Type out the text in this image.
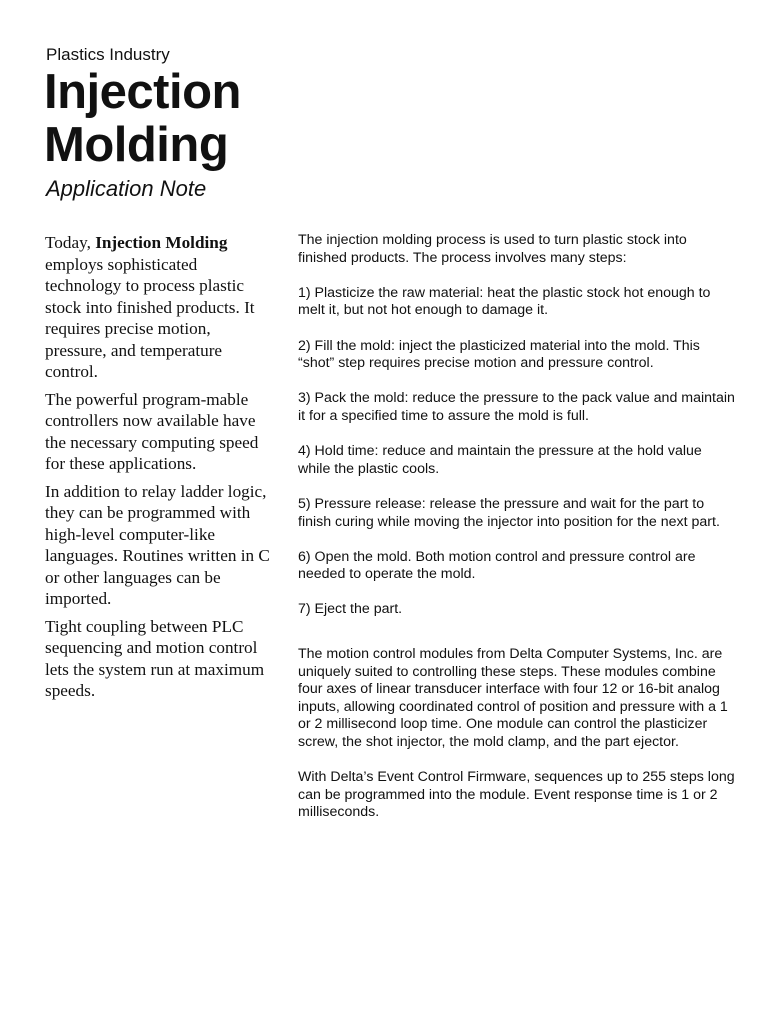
Plastics Industry

Injection
Molding

Application Note

Today, Injection Molding employs sophisticated technology to process plastic stock into finished products. It requires precise motion, pressure, and temperature control.

The powerful program-mable controllers now available have the necessary computing speed for these applications.

In addition to relay ladder logic, they can be programmed with high-level computer-like languages. Routines written in C or other languages can be imported.

Tight coupling between PLC sequencing and motion control lets the system run at maximum speeds.

The injection molding process is used to turn plastic stock into finished products. The process involves many steps:

1) Plasticize the raw material: heat the plastic stock hot enough to melt it, but not hot enough to damage it.

2) Fill the mold: inject the plasticized material into the mold. This “shot” step requires precise motion and pressure control.

3) Pack the mold: reduce the pressure to the pack value and maintain it for a specified time to assure the mold is full.

4) Hold time: reduce and maintain the pressure at the hold value while the plastic cools.

5) Pressure release: release the pressure and wait for the part to finish curing while moving the injector into position for the next part.

6) Open the mold. Both motion control and pressure control are needed to operate the mold.

7) Eject the part.

The motion control modules from Delta Computer Systems, Inc. are uniquely suited to controlling these steps. These modules combine four axes of linear transducer interface with four 12 or 16-bit analog inputs, allowing coordinated control of position and pressure with a 1 or 2 millisecond loop time. One module can control the plasticizer screw, the shot injector, the mold clamp, and the part ejector.

With Delta’s Event Control Firmware, sequences up to 255 steps long can be programmed into the module. Event response time is 1 or 2 milliseconds.
